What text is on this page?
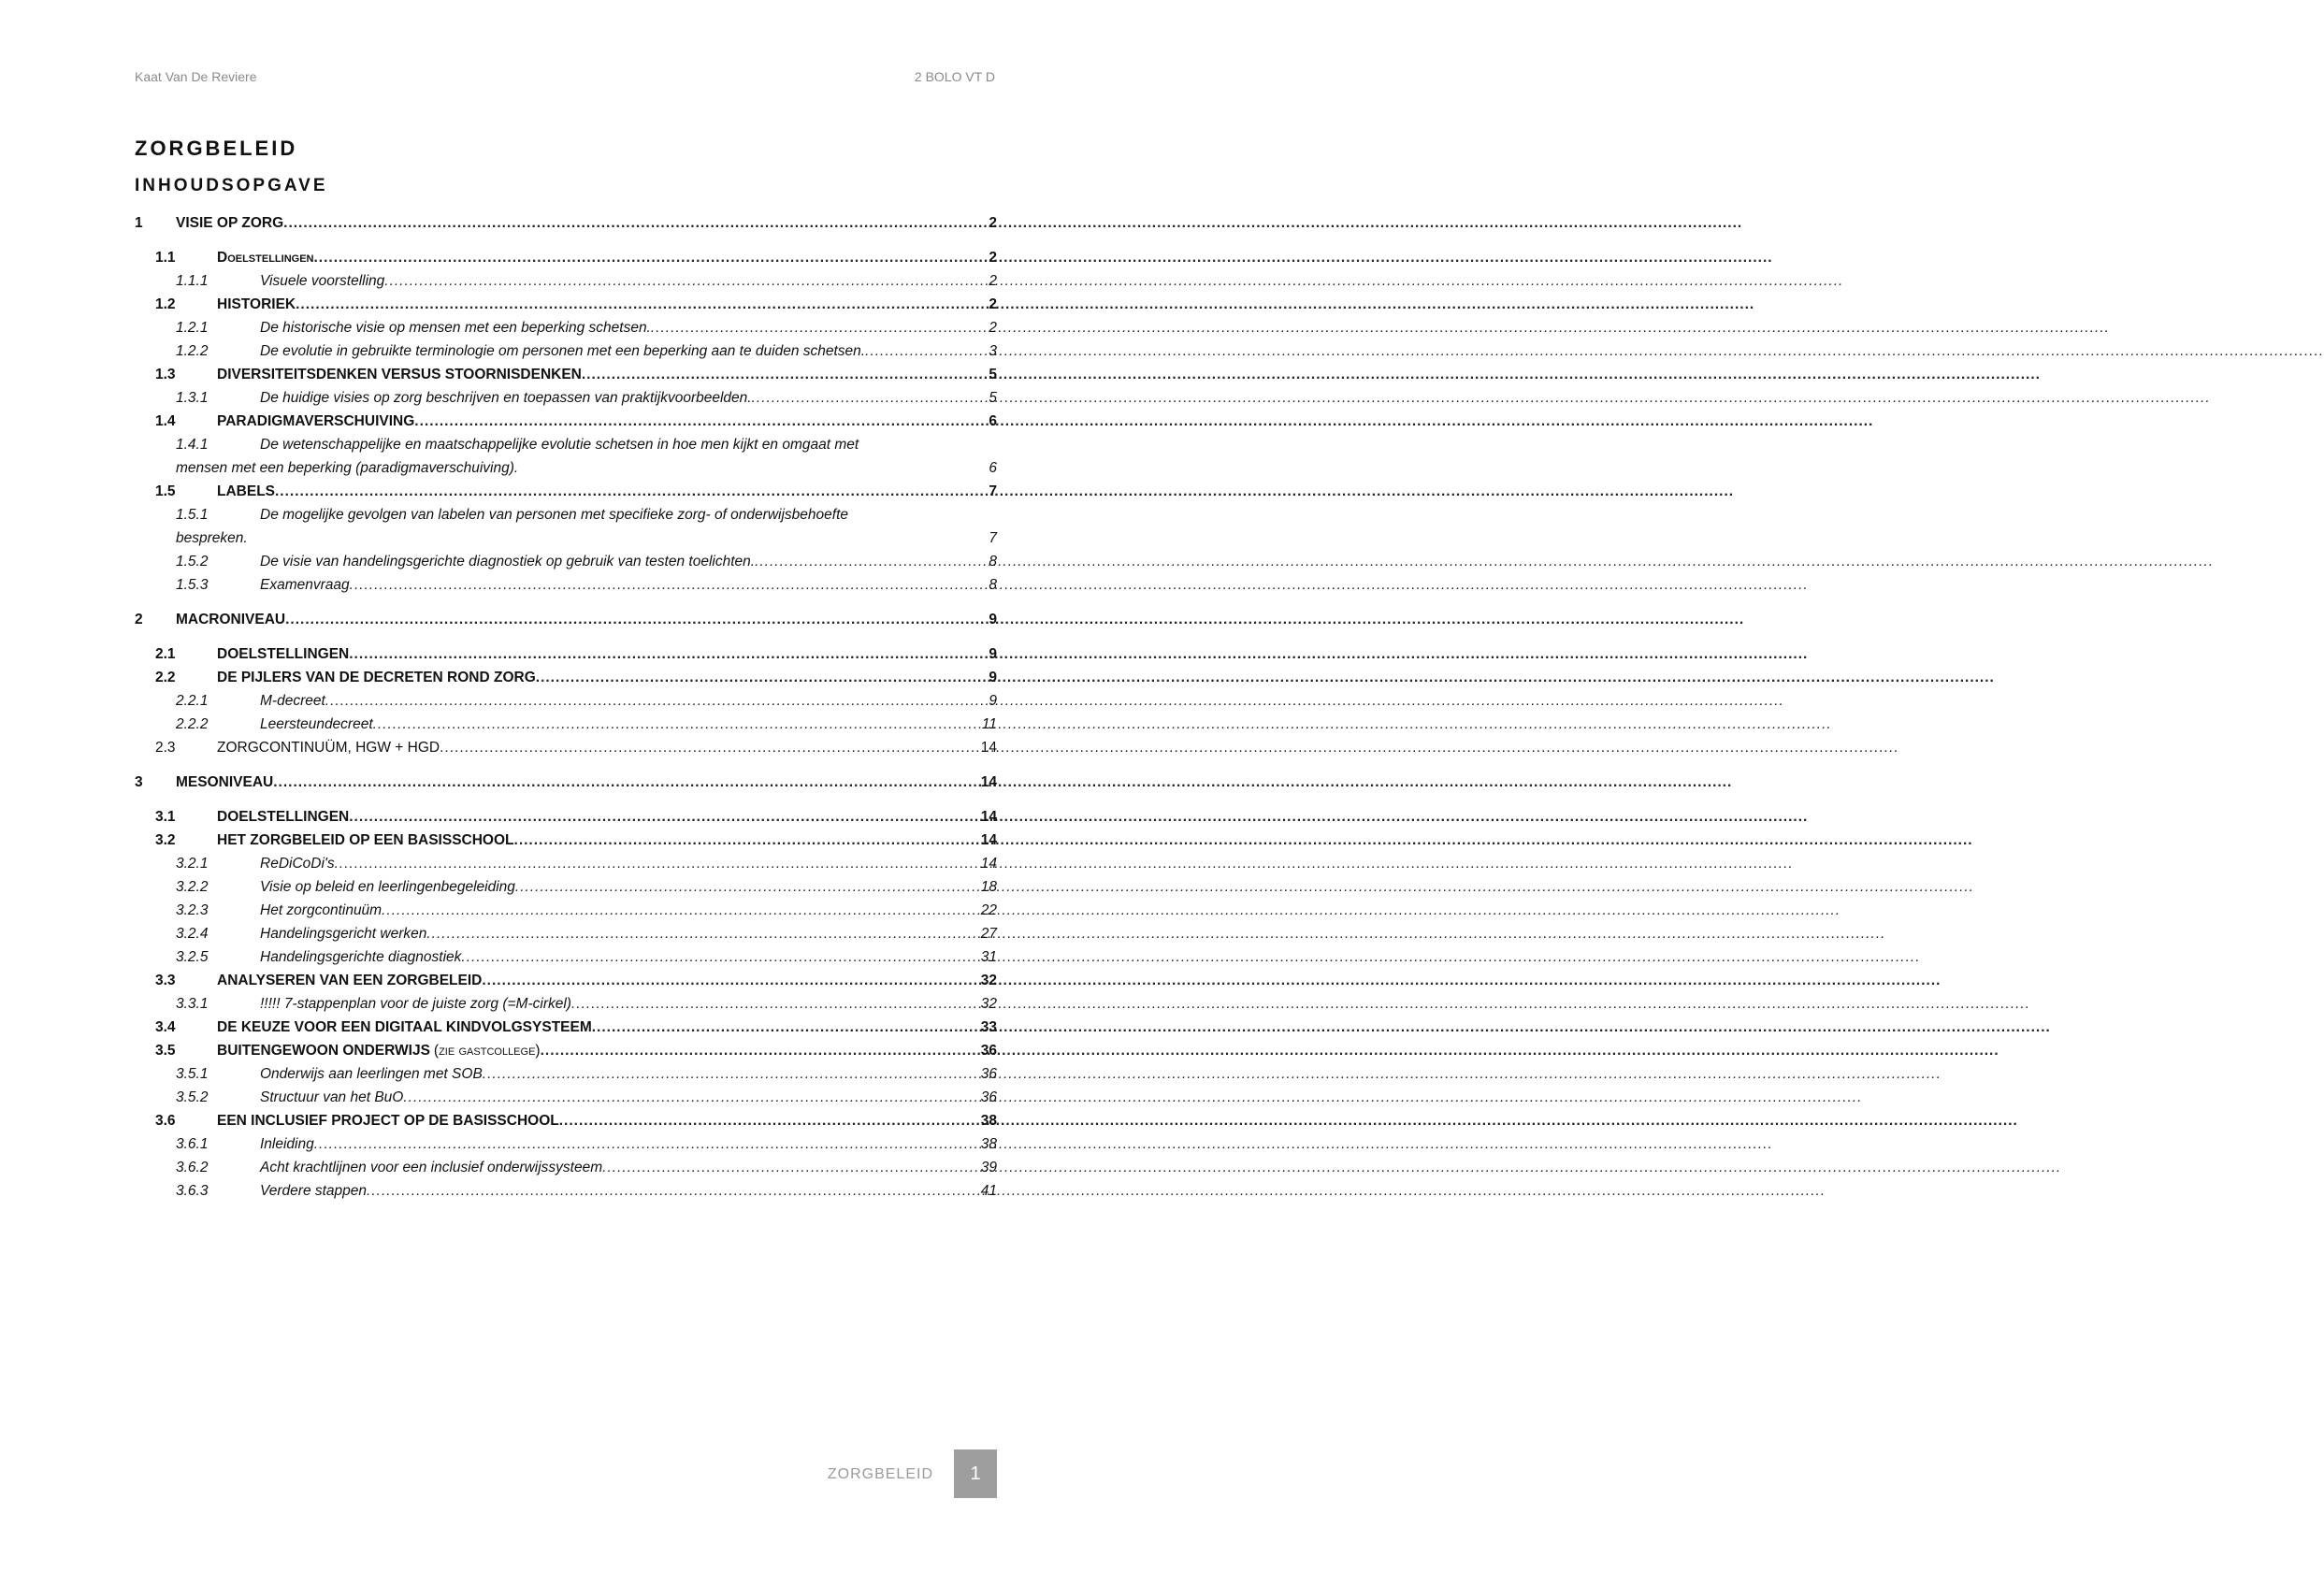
Kaat Van De Reviere	2 BOLO VT D
ZORGBELEID
INHOUDSOPGAVE
1	VISIE OP ZORG .....	2
1.1	Doelstellingen .....	2
1.1.1	Visuele voorstelling .....	2
1.2	HISTORIEK .....	2
1.2.1	De historische visie op mensen met een beperking schetsen. .....	2
1.2.2	De evolutie in gebruikte terminologie om personen met een beperking aan te duiden schetsen. .....	3
1.3	DIVERSITEITSDENKEN VERSUS STOORNISDENKEN .....	5
1.3.1	De huidige visies op zorg beschrijven en toepassen van praktijkvoorbeelden. .....	5
1.4	PARADIGMAVERSCHUIVING .....	6
1.4.1	De wetenschappelijke en maatschappelijke evolutie schetsen in hoe men kijkt en omgaat met
mensen met een beperking (paradigmaverschuiving).	6
1.5	LABELS .....	7
1.5.1	De mogelijke gevolgen van labelen van personen met specifieke zorg- of onderwijsbehoefte
bespreken.	7
1.5.2	De visie van handelingsgerichte diagnostiek op gebruik van testen toelichten. .....	8
1.5.3	Examenvraag .....	8
2	MACRONIVEAU .....	9
2.1	DOELSTELLINGEN .....	9
2.2	DE PIJLERS VAN DE DECRETEN ROND ZORG .....	9
2.2.1	M-decreet .....	9
2.2.2	Leersteundecreet .....	11
2.3	ZORGCONTINUÜM, HGW + HGD .....	14
3	MESONIVEAU .....	14
3.1	DOELSTELLINGEN .....	14
3.2	HET ZORGBELEID OP EEN BASISSCHOOL .....	14
3.2.1	ReDiCoDi's .....	14
3.2.2	Visie op beleid en leerlingenbegeleiding .....	18
3.2.3	Het zorgcontinuüm .....	22
3.2.4	Handelingsgericht werken .....	27
3.2.5	Handelingsgerichte diagnostiek .....	31
3.3	ANALYSEREN VAN EEN ZORGBELEID .....	32
3.3.1	!!!!! 7-stappenplan voor de juiste zorg (=M-cirkel) .....	32
3.4	DE KEUZE VOOR EEN DIGITAAL KINDVOLGSYSTEEM .....	33
3.5	BUITENGEWOON ONDERWIJS (zie gastcollege) .....	36
3.5.1	Onderwijs aan leerlingen met SOB .....	36
3.5.2	Structuur van het BuO .....	36
3.6	EEN INCLUSIEF PROJECT OP DE BASISSCHOOL .....	38
3.6.1	Inleiding .....	38
3.6.2	Acht krachtlijnen voor een inclusief onderwijssysteem .....	39
3.6.3	Verdere stappen .....	41
ZORGBELEID	1
